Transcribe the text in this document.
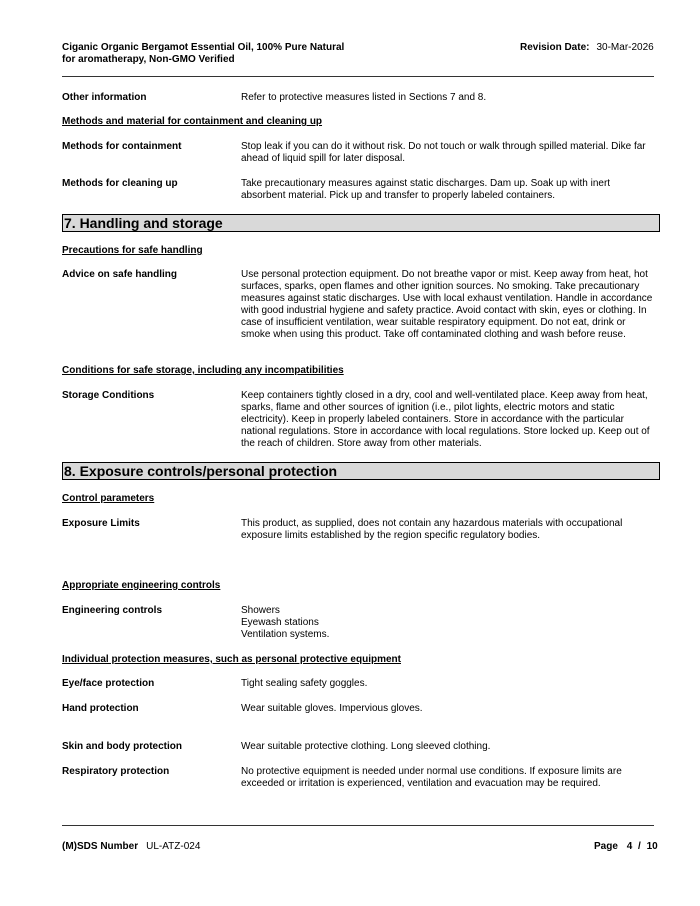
Ciganic Organic Bergamot Essential Oil, 100% Pure Natural
for aromatherapy, Non-GMO Verified
Revision Date: 30-Mar-2026
Other information	Refer to protective measures listed in Sections 7 and 8.
Methods and material for containment and cleaning up
Methods for containment	Stop leak if you can do it without risk. Do not touch or walk through spilled material. Dike far ahead of liquid spill for later disposal.
Methods for cleaning up	Take precautionary measures against static discharges. Dam up. Soak up with inert absorbent material. Pick up and transfer to properly labeled containers.
7. Handling and storage
Precautions for safe handling
Advice on safe handling	Use personal protection equipment. Do not breathe vapor or mist. Keep away from heat, hot surfaces, sparks, open flames and other ignition sources. No smoking. Take precautionary measures against static discharges. Use with local exhaust ventilation. Handle in accordance with good industrial hygiene and safety practice. Avoid contact with skin, eyes or clothing. In case of insufficient ventilation, wear suitable respiratory equipment. Do not eat, drink or smoke when using this product. Take off contaminated clothing and wash before reuse.
Conditions for safe storage, including any incompatibilities
Storage Conditions	Keep containers tightly closed in a dry, cool and well-ventilated place. Keep away from heat, sparks, flame and other sources of ignition (i.e., pilot lights, electric motors and static electricity). Keep in properly labeled containers. Store in accordance with the particular national regulations. Store in accordance with local regulations. Store locked up. Keep out of the reach of children. Store away from other materials.
8. Exposure controls/personal protection
Control parameters
Exposure Limits	This product, as supplied, does not contain any hazardous materials with occupational exposure limits established by the region specific regulatory bodies.
Appropriate engineering controls
Engineering controls	Showers
Eyewash stations
Ventilation systems.
Individual protection measures, such as personal protective equipment
Eye/face protection	Tight sealing safety goggles.
Hand protection	Wear suitable gloves. Impervious gloves.
Skin and body protection	Wear suitable protective clothing. Long sleeved clothing.
Respiratory protection	No protective equipment is needed under normal use conditions. If exposure limits are exceeded or irritation is experienced, ventilation and evacuation may be required.
(M)SDS Number UL-ATZ-024	Page 4 / 10
